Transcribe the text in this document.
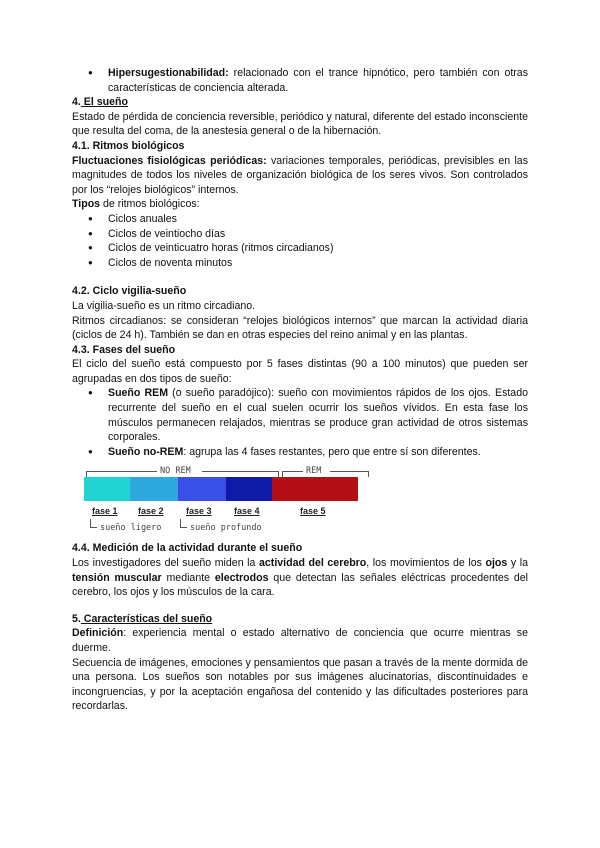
● Hipersugestionabilidad: relacionado con el trance hipnótico, pero también con otras características de conciencia alterada.

4. El sueño

Estado de pérdida de conciencia reversible, periódico y natural, diferente del estado inconsciente que resulta del coma, de la anestesia general o de la hibernación.

4.1. Ritmos biológicos

Fluctuaciones fisiológicas periódicas: variaciones temporales, periódicas, previsibles en las magnitudes de todos los niveles de organización biológica de los seres vivos. Son controlados por los “relojes biológicos” internos.

Tipos de ritmos biológicos:

● Ciclos anuales
● Ciclos de veintiocho días
● Ciclos de veinticuatro horas (ritmos circadianos)
● Ciclos de noventa minutos

4.2. Ciclo vigilia-sueño

La vigilia-sueño es un ritmo circadiano.

Ritmos circadianos: se consideran “relojes biológicos internos” que marcan la actividad diaria (ciclos de 24 h). También se dan en otras especies del reino animal y en las plantas.

4.3. Fases del sueño

El ciclo del sueño está compuesto por 5 fases distintas (90 a 100 minutos) que pueden ser agrupadas en dos tipos de sueño:

● Sueño REM (o sueño paradójico): sueño con movimientos rápidos de los ojos. Estado recurrente del sueño en el cual suelen ocurrir los sueños vívidos. En esta fase los músculos permanecen relajados, mientras se produce gran actividad de otros sistemas corporales.
● Sueño no-REM: agrupa las 4 fases restantes, pero que entre sí son diferentes.
NO REM	REM
fase 1 fase 2 fase 3 fase 4	fase 5
sueño ligero	sueño profundo

4.4. Medición de la actividad durante el sueño

Los investigadores del sueño miden la actividad del cerebro, los movimientos de los ojos y la tensión muscular mediante electrodos que detectan las señales eléctricas procedentes del cerebro, los ojos y los músculos de la cara.

5. Características del sueño

Definición: experiencia mental o estado alternativo de conciencia que ocurre mientras se duerme.

Secuencia de imágenes, emociones y pensamientos que pasan a través de la mente dormida de una persona. Los sueños son notables por sus imágenes alucinatorias, discontinuidades e incongruencias, y por la aceptación engañosa del contenido y las dificultades posteriores para recordarlas.
